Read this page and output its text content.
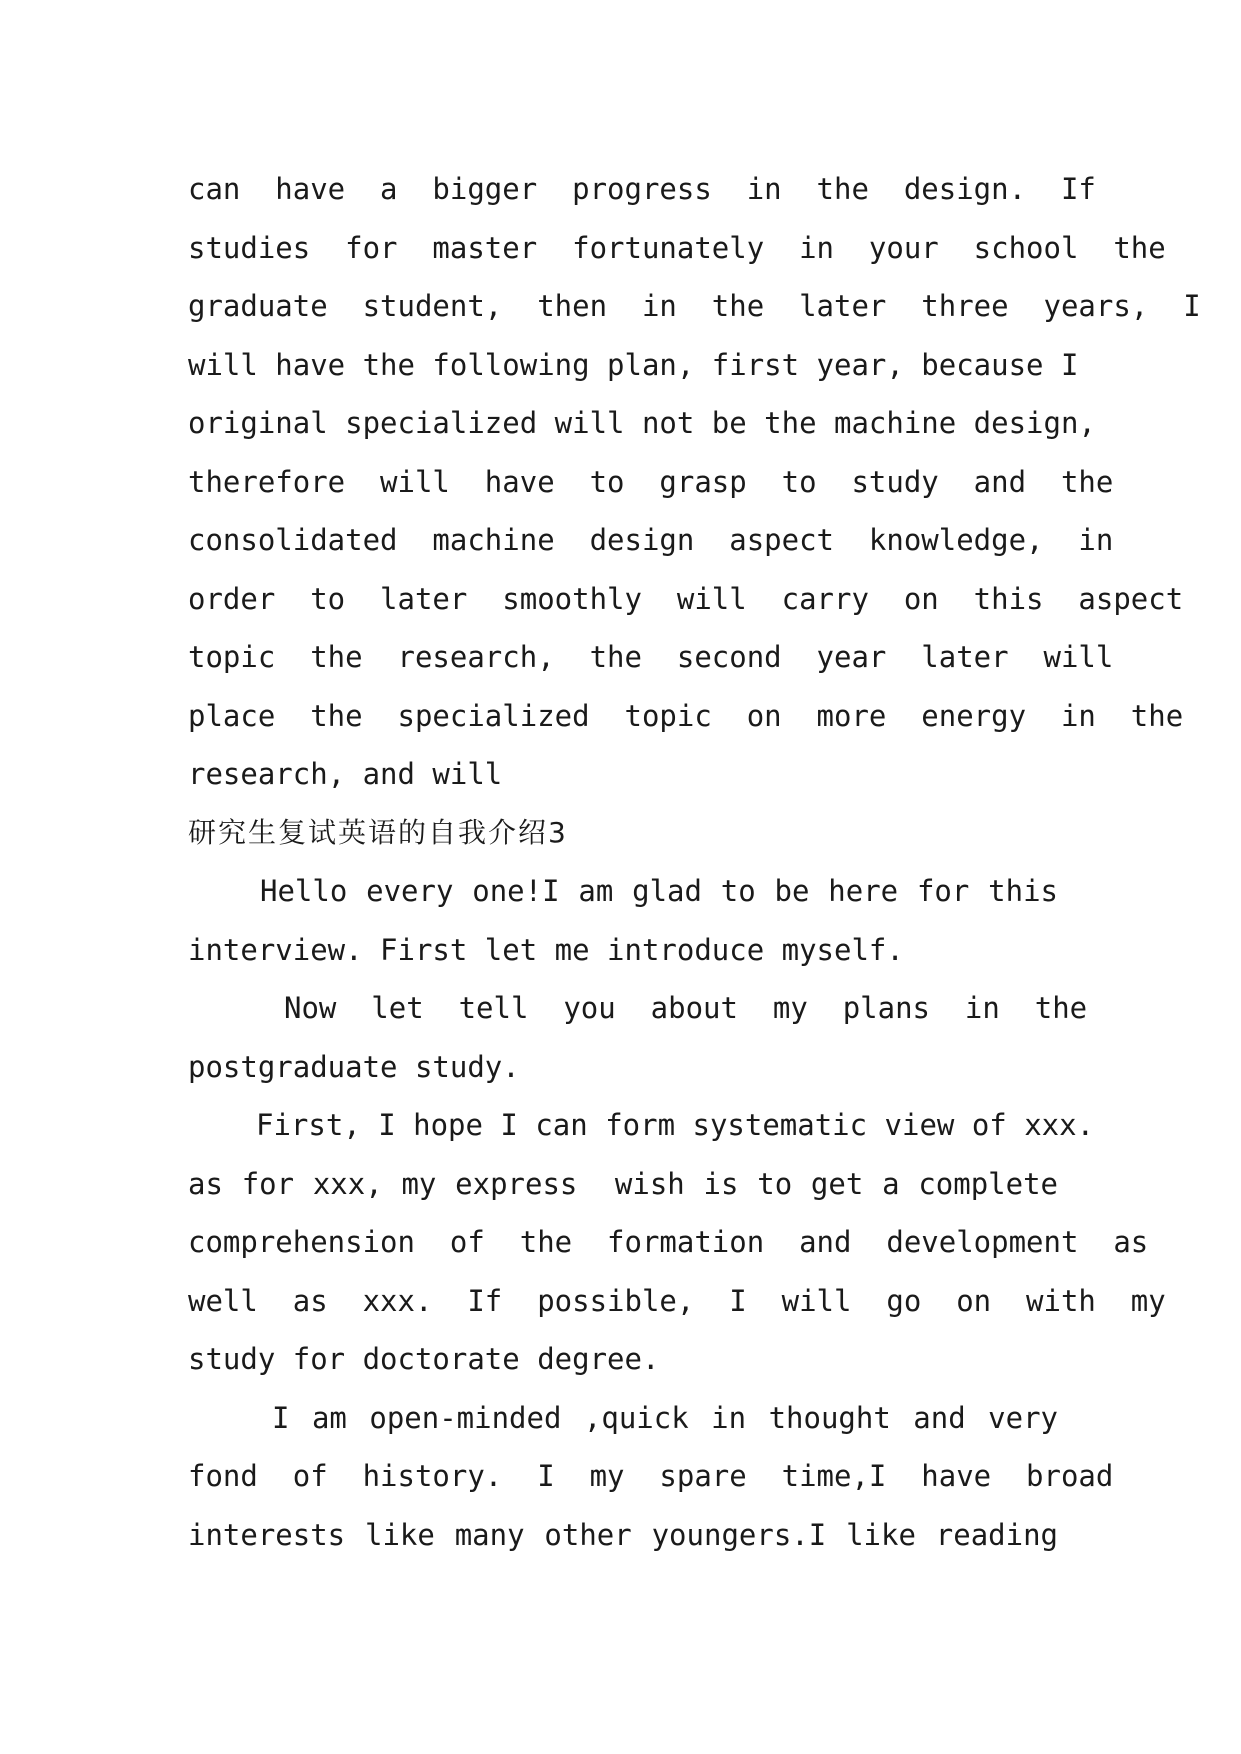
can  have  a  bigger  progress  in  the  design.  If
studies  for  master  fortunately  in  your  school  the
graduate  student,  then  in  the  later  three  years,  I
will have the following plan, first year, because I
original specialized will not be the machine design,
therefore  will  have  to  grasp  to  study  and  the
consolidated  machine  design  aspect  knowledge,  in
order  to  later  smoothly  will  carry  on  this  aspect
topic  the  research,  the  second  year  later  will
place  the  specialized  topic  on  more  energy  in  the
research, and will
研究生复试英语的自我介绍3
Hello every one!I am glad to be here for this
interview. First let me introduce myself.
Now  let  tell  you  about  my  plans  in  the
postgraduate study.
First, I hope I can form systematic view of xxx.
as for xxx, my express  wish is to get a complete
comprehension  of  the  formation  and  development  as
well  as  xxx.  If  possible,  I  will  go  on  with  my
study for doctorate degree.
I am open-minded ,quick in thought and very
fond  of  history.  I  my  spare  time,I  have  broad
interests like many other youngers.I like reading
